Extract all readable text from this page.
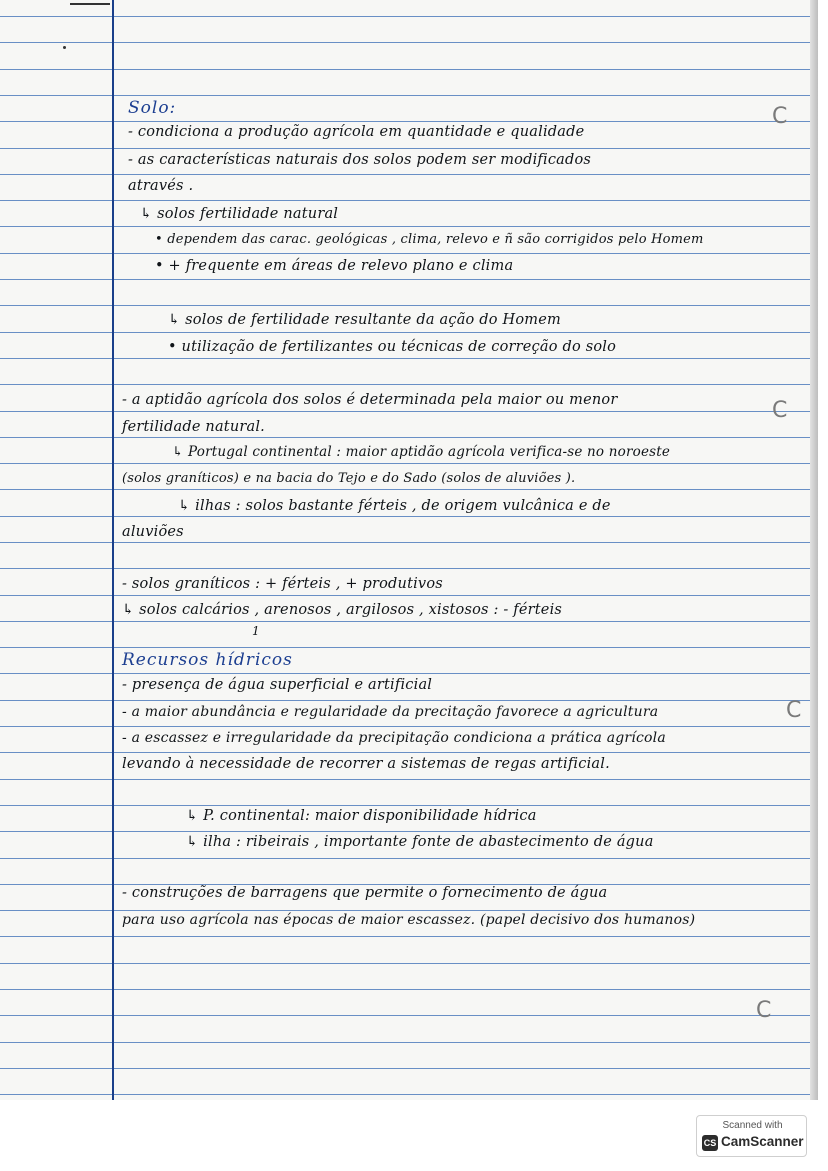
C
C
C
C
Solo:
- condiciona a produção agrícola em quantidade e qualidade
- as características naturais dos solos podem ser modificados
através .
↳ solos fertilidade natural
• dependem das carac. geológicas , clima, relevo e ñ são corrigidos pelo Homem
• + frequente em áreas de relevo plano e clima
↳ solos de fertilidade resultante da ação do Homem
• utilização de fertilizantes ou técnicas de correção do solo
- a aptidão agrícola dos solos é determinada pela maior ou menor
fertilidade natural.
↳ Portugal continental : maior aptidão agrícola verifica-se no noroeste
(solos graníticos) e na bacia do Tejo e do Sado (solos de aluviões ).
↳ ilhas : solos bastante férteis , de origem vulcânica e de
aluviões
- solos graníticos : + férteis , + produtivos
↳ solos calcários , arenosos , argilosos , xistosos : - férteis
1
Recursos hídricos
- presença de água superficial e artificial
- a maior abundância e regularidade da precitação favorece a agricultura
- a escassez e irregularidade da precipitação condiciona a prática agrícola
levando à necessidade de recorrer a sistemas de regas artificial.
↳ P. continental: maior disponibilidade hídrica
↳ ilha : ribeirais , importante fonte de abastecimento de água
- construções de barragens que permite o fornecimento de água
para uso agrícola nas épocas de maior escassez. (papel decisivo dos humanos)
Scanned with
CS CamScanner
